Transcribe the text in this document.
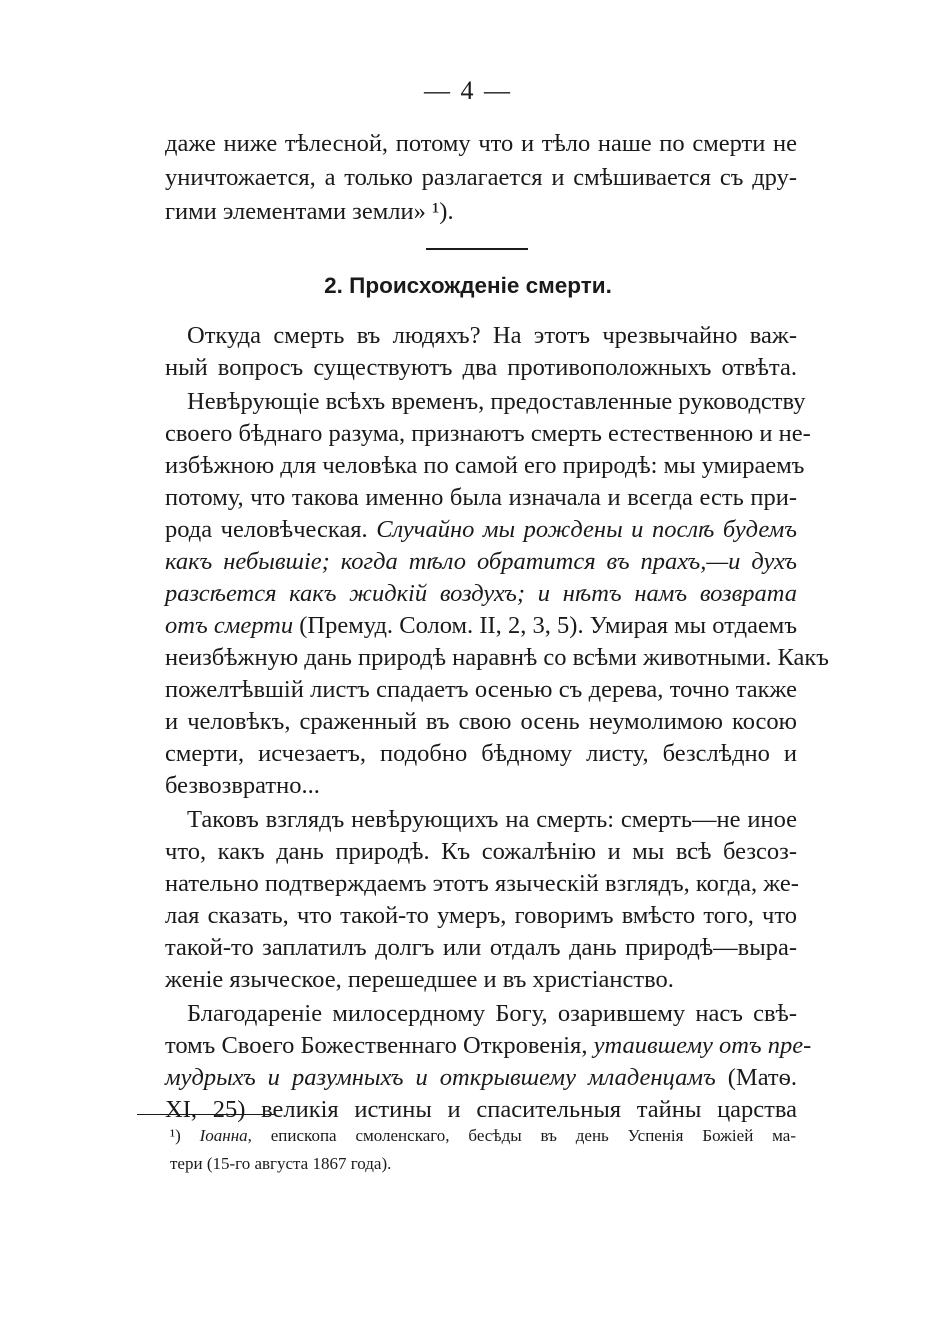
— 4 —
даже ниже тѣлесной, потому что и тѣло наше по смерти не
уничтожается, а только разлагается и смѣшивается съ дру-
гими элементами земли» ¹).
2. Происхожденіе смерти.
Откуда смерть въ людяхъ? На этотъ чрезвычайно важ-
ный вопросъ существуютъ два противоположныхъ отвѣта.
Невѣрующіе всѣхъ временъ, предоставленные руководству
своего бѣднаго разума, признаютъ смерть естественною и не-
избѣжною для человѣка по самой его природѣ: мы умираемъ
потому, что такова именно была изначала и всегда есть при-
рода человѣческая. Случайно мы рождены и послѣ будемъ
какъ небывшіе; когда тѣло обратится въ прахъ,—и духъ
разсѣется какъ жидкій воздухъ; и нѣтъ намъ возврата
отъ смерти (Премуд. Солом. II, 2, 3, 5). Умирая мы отдаемъ
неизбѣжную дань природѣ наравнѣ со всѣми животными. Какъ
пожелтѣвшій листъ спадаетъ осенью съ дерева, точно также
и человѣкъ, сраженный въ свою осень неумолимою косою
смерти, исчезаетъ, подобно бѣдному листу, безслѣдно и
безвозвратно...
Таковъ взглядъ невѣрующихъ на смерть: смерть—не иное
что, какъ дань природѣ. Къ сожалѣнію и мы всѣ безсоз-
нательно подтверждаемъ этотъ языческій взглядъ, когда, же-
лая сказать, что такой-то умеръ, говоримъ вмѣсто того, что
такой-то заплатилъ долгъ или отдалъ дань природѣ—выра-
женіе языческое, перешедшее и въ христіанство.
Благодареніе милосердному Богу, озарившему насъ свѣ-
томъ Своего Божественнаго Откровенія, утаившему отъ пре-
мудрыхъ и разумныхъ и открывшему младенцамъ (Матѳ.
XI, 25) великія истины и спасительныя тайны царства
¹) Іоанна, епископа смоленскаго, бесѣды въ день Успенія Божіей ма-
тери (15-го августа 1867 года).
